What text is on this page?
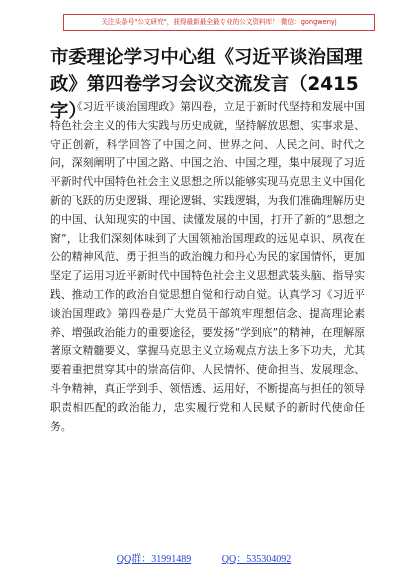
关注头条号"公文研究"，获得最新最全最专业的公文资料库！ 微信：gongwenyj
市委理论学习中心组《习近平谈治国理政》第四卷学习会议交流发言（2415字）

《习近平谈治国理政》第四卷，立足于新时代坚持和发展中国特色社会主义的伟大实践与历史成就，坚持解放思想、实事求是、守正创新，科学回答了中国之问、世界之问、人民之问、时代之问，深刻阐明了中国之路、中国之治、中国之理，集中展现了习近平新时代中国特色社会主义思想之所以能够实现马克思主义中国化新的飞跃的历史逻辑、理论逻辑、实践逻辑，为我们准确理解历史的中国、认知现实的中国、读懂发展的中国，打开了新的“思想之窗”，让我们深刻体味到了大国领袖治国理政的远见卓识、夙夜在公的精神风范、勇于担当的政治魄力和丹心为民的家国情怀，更加坚定了运用习近平新时代中国特色社会主义思想武装头脑、指导实践、推动工作的政治自觉思想自觉和行动自觉。认真学习《习近平谈治国理政》第四卷是广大党员干部筑牢理想信念、提高理论素养、增强政治能力的重要途径，要发扬“学到底”的精神，在理解原著原文精髓要义、掌握马克思主义立场观点方法上多下功夫，尤其要着重把贯穿其中的崇高信仰、人民情怀、使命担当、发展理念、斗争精神，真正学到手、领悟透、运用好，不断提高与担任的领导职责相匹配的政治能力，忠实履行党和人民赋予的新时代使命任务。

QQ群：31991489	QQ：535304092
